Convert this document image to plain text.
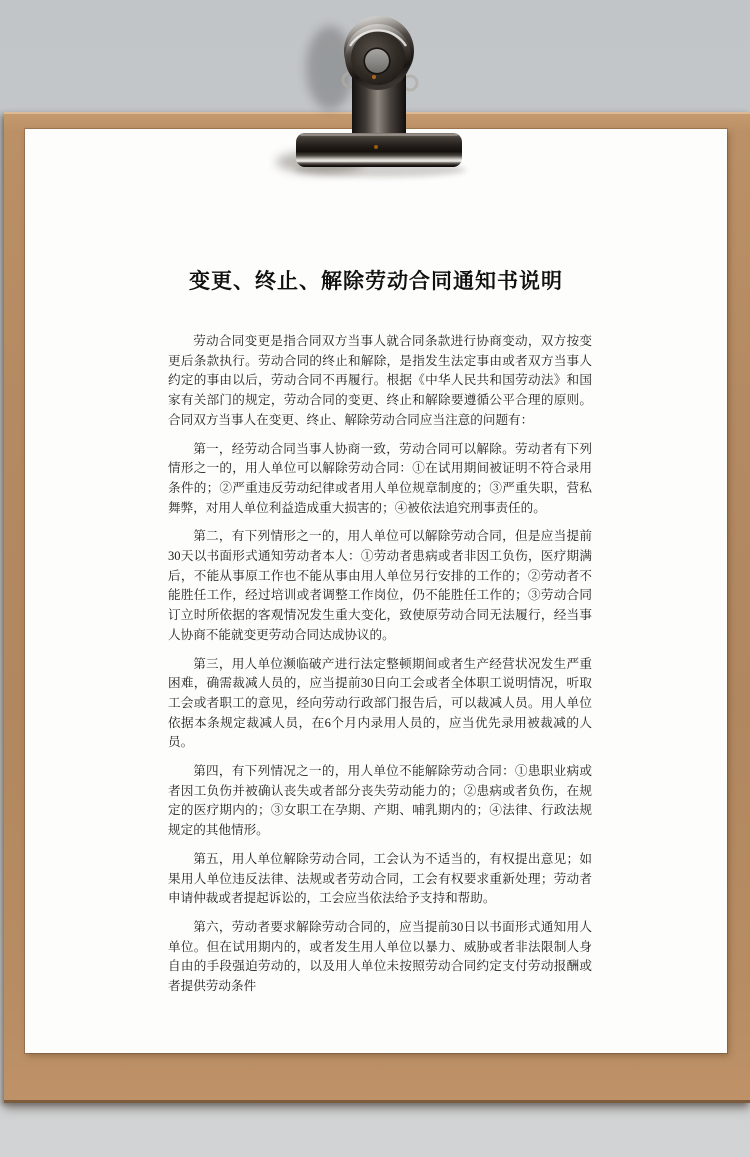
变更、终止、解除劳动合同通知书说明

劳动合同变更是指合同双方当事人就合同条款进行协商变动，双方按变更后条款执行。劳动合同的终止和解除，是指发生法定事由或者双方当事人约定的事由以后，劳动合同不再履行。根据《中华人民共和国劳动法》和国家有关部门的规定，劳动合同的变更、终止和解除要遵循公平合理的原则。合同双方当事人在变更、终止、解除劳动合同应当注意的问题有：

第一，经劳动合同当事人协商一致，劳动合同可以解除。劳动者有下列情形之一的，用人单位可以解除劳动合同：①在试用期间被证明不符合录用条件的；②严重违反劳动纪律或者用人单位规章制度的；③严重失职，营私舞弊，对用人单位利益造成重大损害的；④被依法追究刑事责任的。

第二，有下列情形之一的，用人单位可以解除劳动合同，但是应当提前30天以书面形式通知劳动者本人：①劳动者患病或者非因工负伤，医疗期满后，不能从事原工作也不能从事由用人单位另行安排的工作的；②劳动者不能胜任工作，经过培训或者调整工作岗位，仍不能胜任工作的；③劳动合同订立时所依据的客观情况发生重大变化，致使原劳动合同无法履行，经当事人协商不能就变更劳动合同达成协议的。

第三，用人单位濒临破产进行法定整顿期间或者生产经营状况发生严重困难，确需裁减人员的，应当提前30日向工会或者全体职工说明情况，听取工会或者职工的意见，经向劳动行政部门报告后，可以裁减人员。用人单位依据本条规定裁减人员，在6个月内录用人员的，应当优先录用被裁减的人员。

第四，有下列情况之一的，用人单位不能解除劳动合同：①患职业病或者因工负伤并被确认丧失或者部分丧失劳动能力的；②患病或者负伤，在规定的医疗期内的；③女职工在孕期、产期、哺乳期内的；④法律、行政法规规定的其他情形。

第五，用人单位解除劳动合同，工会认为不适当的，有权提出意见；如果用人单位违反法律、法规或者劳动合同，工会有权要求重新处理；劳动者申请仲裁或者提起诉讼的，工会应当依法给予支持和帮助。

第六，劳动者要求解除劳动合同的，应当提前30日以书面形式通知用人单位。但在试用期内的，或者发生用人单位以暴力、威胁或者非法限制人身自由的手段强迫劳动的，以及用人单位未按照劳动合同约定支付劳动报酬或者提供劳动条件
